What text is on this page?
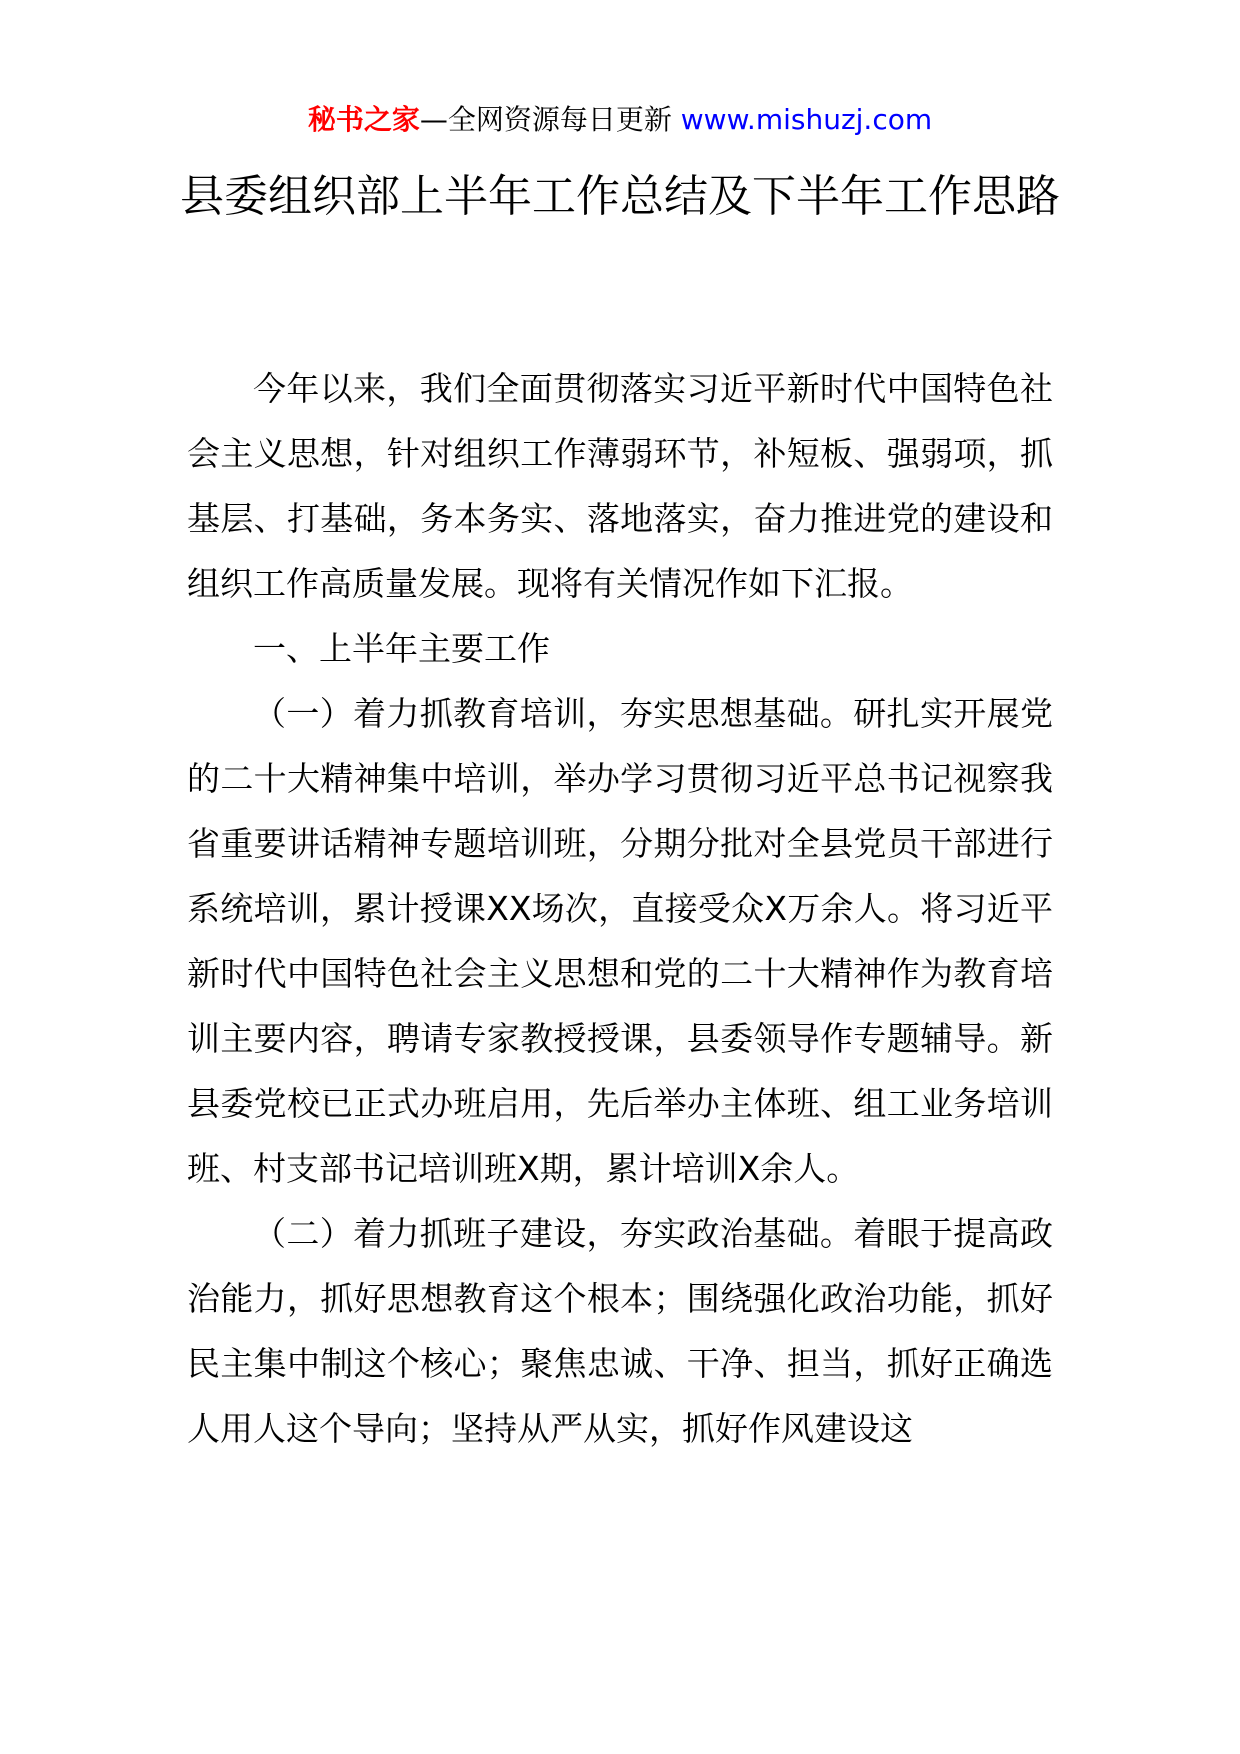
秘书之家—全网资源每日更新 www.mishuzj.com
县委组织部上半年工作总结及下半年工作思路

今年以来，我们全面贯彻落实习近平新时代中国特色社会主义思想，针对组织工作薄弱环节，补短板、强弱项，抓基层、打基础，务本务实、落地落实，奋力推进党的建设和组织工作高质量发展。现将有关情况作如下汇报。

一、上半年主要工作

（一）着力抓教育培训，夯实思想基础。研扎实开展党的二十大精神集中培训，举办学习贯彻习近平总书记视察我省重要讲话精神专题培训班，分期分批对全县党员干部进行系统培训，累计授课XX场次，直接受众X万余人。将习近平新时代中国特色社会主义思想和党的二十大精神作为教育培训主要内容，聘请专家教授授课，县委领导作专题辅导。新县委党校已正式办班启用，先后举办主体班、组工业务培训班、村支部书记培训班X期，累计培训X余人。

（二）着力抓班子建设，夯实政治基础。着眼于提高政治能力，抓好思想教育这个根本；围绕强化政治功能，抓好民主集中制这个核心；聚焦忠诚、干净、担当，抓好正确选人用人这个导向；坚持从严从实，抓好作风建设这
